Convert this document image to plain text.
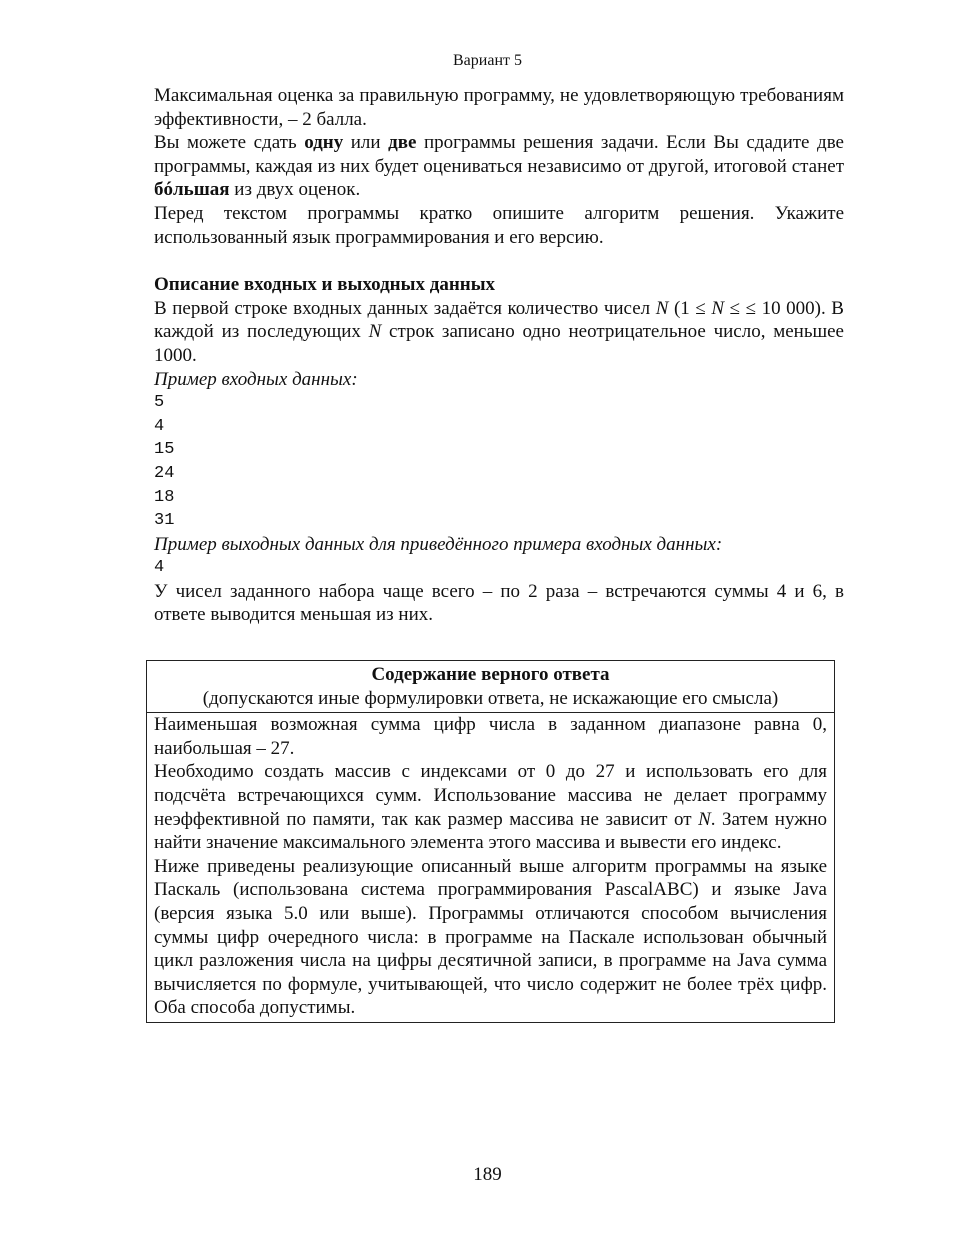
Вариант 5

Максимальная оценка за правильную программу, не удовлетворяющую требованиям эффективности, – 2 балла.

Вы можете сдать одну или две программы решения задачи. Если Вы сдадите две программы, каждая из них будет оцениваться независимо от другой, итоговой станет бóльшая из двух оценок.

Перед текстом программы кратко опишите алгоритм решения. Укажите использованный язык программирования и его версию.

Описание входных и выходных данных

В первой строке входных данных задаётся количество чисел N (1 ≤ N ≤ ≤ 10 000). В каждой из последующих N строк записано одно неотрицательное число, меньшее 1000.

Пример входных данных:

5

4

15

24

18

31

Пример выходных данных для приведённого примера входных данных:

4

У чисел заданного набора чаще всего – по 2 раза – встречаются суммы 4 и 6, в ответе выводится меньшая из них.

Содержание верного ответа
(допускаются иные формулировки ответа, не искажающие его смысла)

Наименьшая возможная сумма цифр числа в заданном диапазоне равна 0, наибольшая – 27.

Необходимо создать массив с индексами от 0 до 27 и использовать его для подсчёта встречающихся сумм. Использование массива не делает программу неэффективной по памяти, так как размер массива не зависит от N. Затем нужно найти значение максимального элемента этого массива и вывести его индекс.

Ниже приведены реализующие описанный выше алгоритм программы на языке Паскаль (использована система программирования PascalABC) и языке Java (версия языка 5.0 или выше). Программы отличаются способом вычисления суммы цифр очередного числа: в программе на Паскале использован обычный цикл разложения числа на цифры десятичной записи, в программе на Java сумма вычисляется по формуле, учитывающей, что число содержит не более трёх цифр. Оба способа допустимы.

189
